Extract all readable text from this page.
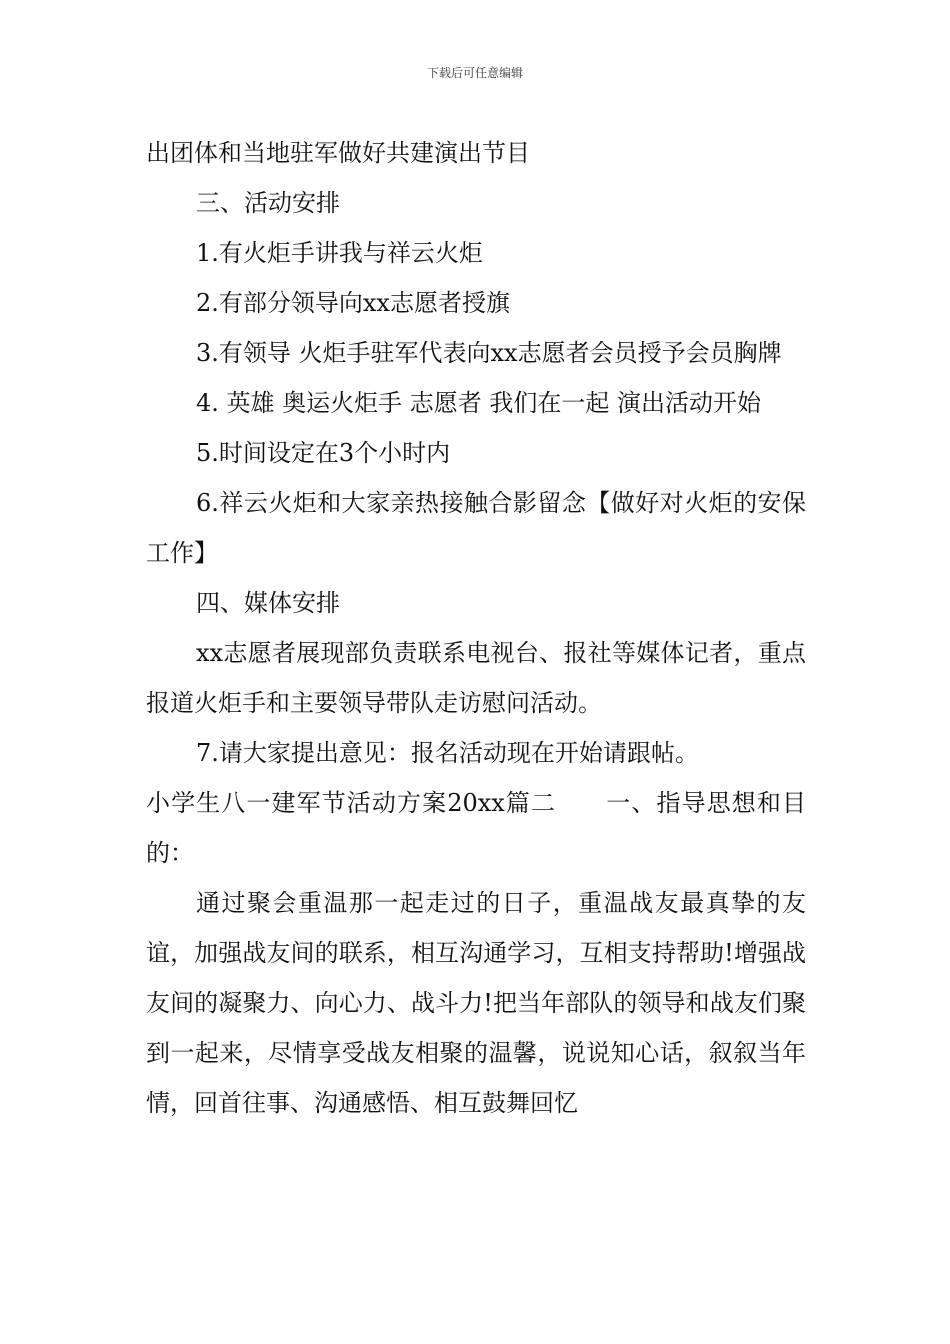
下载后可任意编辑

出团体和当地驻军做好共建演出节目

三、活动安排

1.有火炬手讲我与祥云火炬

2.有部分领导向xx志愿者授旗

3.有领导 火炬手驻军代表向xx志愿者会员授予会员胸牌

4. 英雄 奥运火炬手 志愿者 我们在一起 演出活动开始

5.时间设定在3个小时内

6.祥云火炬和大家亲热接触合影留念【做好对火炬的安保工作】

四、媒体安排

xx志愿者展现部负责联系电视台、报社等媒体记者，重点报道火炬手和主要领导带队走访慰问活动。

7.请大家提出意见：报名活动现在开始请跟帖。

小学生八一建军节活动方案20xx篇二　　一、指导思想和目的：

通过聚会重温那一起走过的日子，重温战友最真挚的友谊，加强战友间的联系，相互沟通学习，互相支持帮助!增强战友间的凝聚力、向心力、战斗力!把当年部队的领导和战友们聚到一起来，尽情享受战友相聚的温馨，说说知心话，叙叙当年情，回首往事、沟通感悟、相互鼓舞回忆
